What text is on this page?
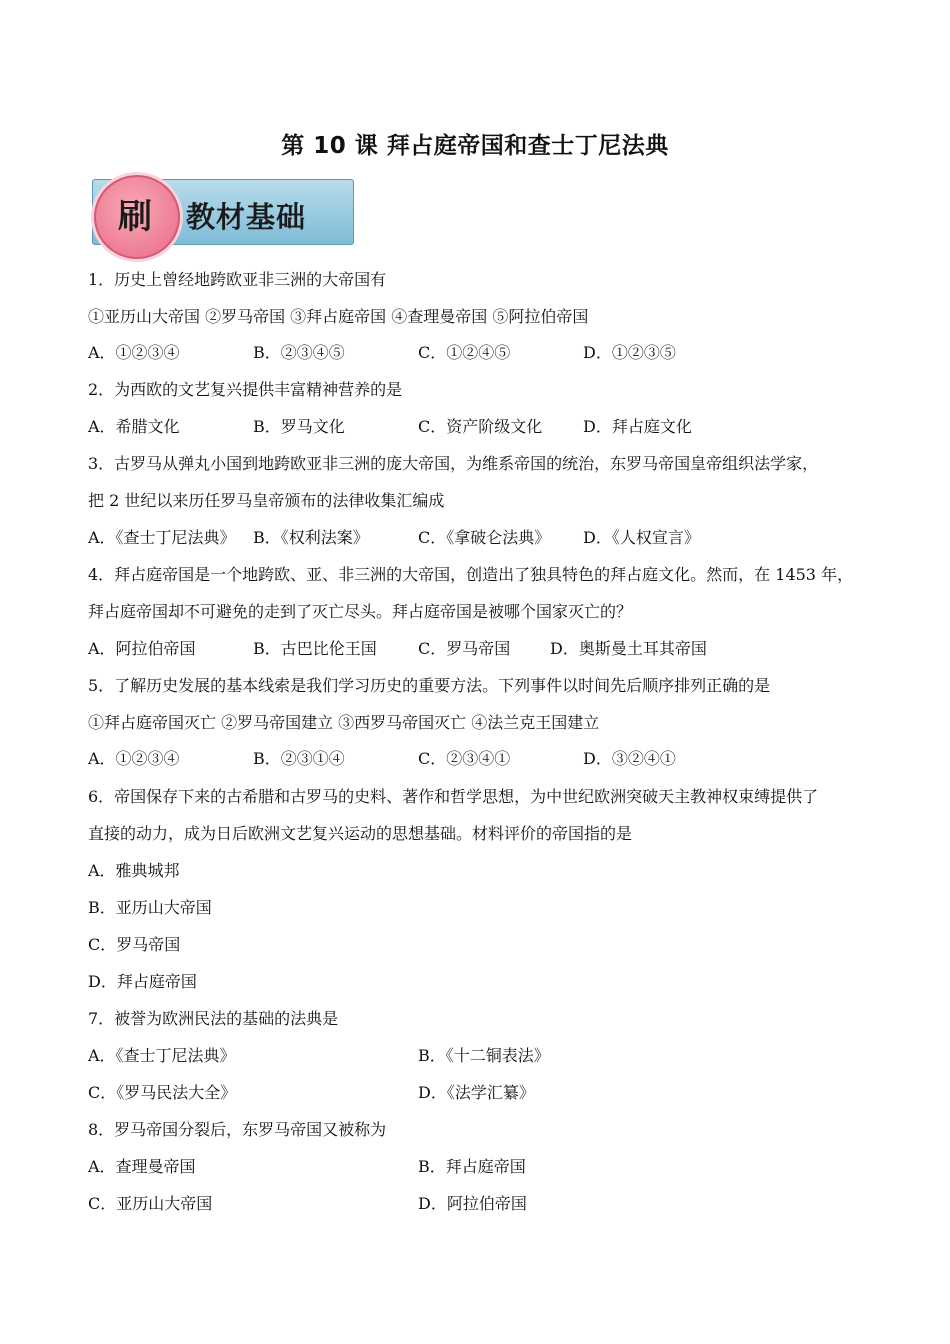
第 10 课 拜占庭帝国和查士丁尼法典
刷	教材基础
1．历史上曾经地跨欧亚非三洲的大帝国有
①亚历山大帝国 ②罗马帝国 ③拜占庭帝国 ④查理曼帝国 ⑤阿拉伯帝国
A．①②③④	B．②③④⑤	C．①②④⑤	D．①②③⑤
2．为西欧的文艺复兴提供丰富精神营养的是
A．希腊文化	B．罗马文化	C．资产阶级文化	D．拜占庭文化
3．古罗马从弹丸小国到地跨欧亚非三洲的庞大帝国，为维系帝国的统治，东罗马帝国皇帝组织法学家，
把 2 世纪以来历任罗马皇帝颁布的法律收集汇编成
A．《查士丁尼法典》 B．《权利法案》	C．《拿破仑法典》 D．《人权宣言》
4．拜占庭帝国是一个地跨欧、亚、非三洲的大帝国，创造出了独具特色的拜占庭文化。然而，在 1453 年，
拜占庭帝国却不可避免的走到了灭亡尽头。拜占庭帝国是被哪个国家灭亡的？
A．阿拉伯帝国	B．古巴比伦王国	C．罗马帝国 D．奥斯曼土耳其帝国
5．了解历史发展的基本线索是我们学习历史的重要方法。下列事件以时间先后顺序排列正确的是
①拜占庭帝国灭亡 ②罗马帝国建立 ③西罗马帝国灭亡 ④法兰克王国建立
A．①②③④	B．②③①④	C．②③④①	D．③②④①
6．帝国保存下来的古希腊和古罗马的史料、著作和哲学思想，为中世纪欧洲突破天主教神权束缚提供了
直接的动力，成为日后欧洲文艺复兴运动的思想基础。材料评价的帝国指的是
A．雅典城邦
B．亚历山大帝国
C．罗马帝国
D．拜占庭帝国
7．被誉为欧洲民法的基础的法典是
A．《查士丁尼法典》	B．《十二铜表法》
C．《罗马民法大全》	D．《法学汇纂》
8．罗马帝国分裂后，东罗马帝国又被称为
A．查理曼帝国	B．拜占庭帝国
C．亚历山大帝国	D．阿拉伯帝国
